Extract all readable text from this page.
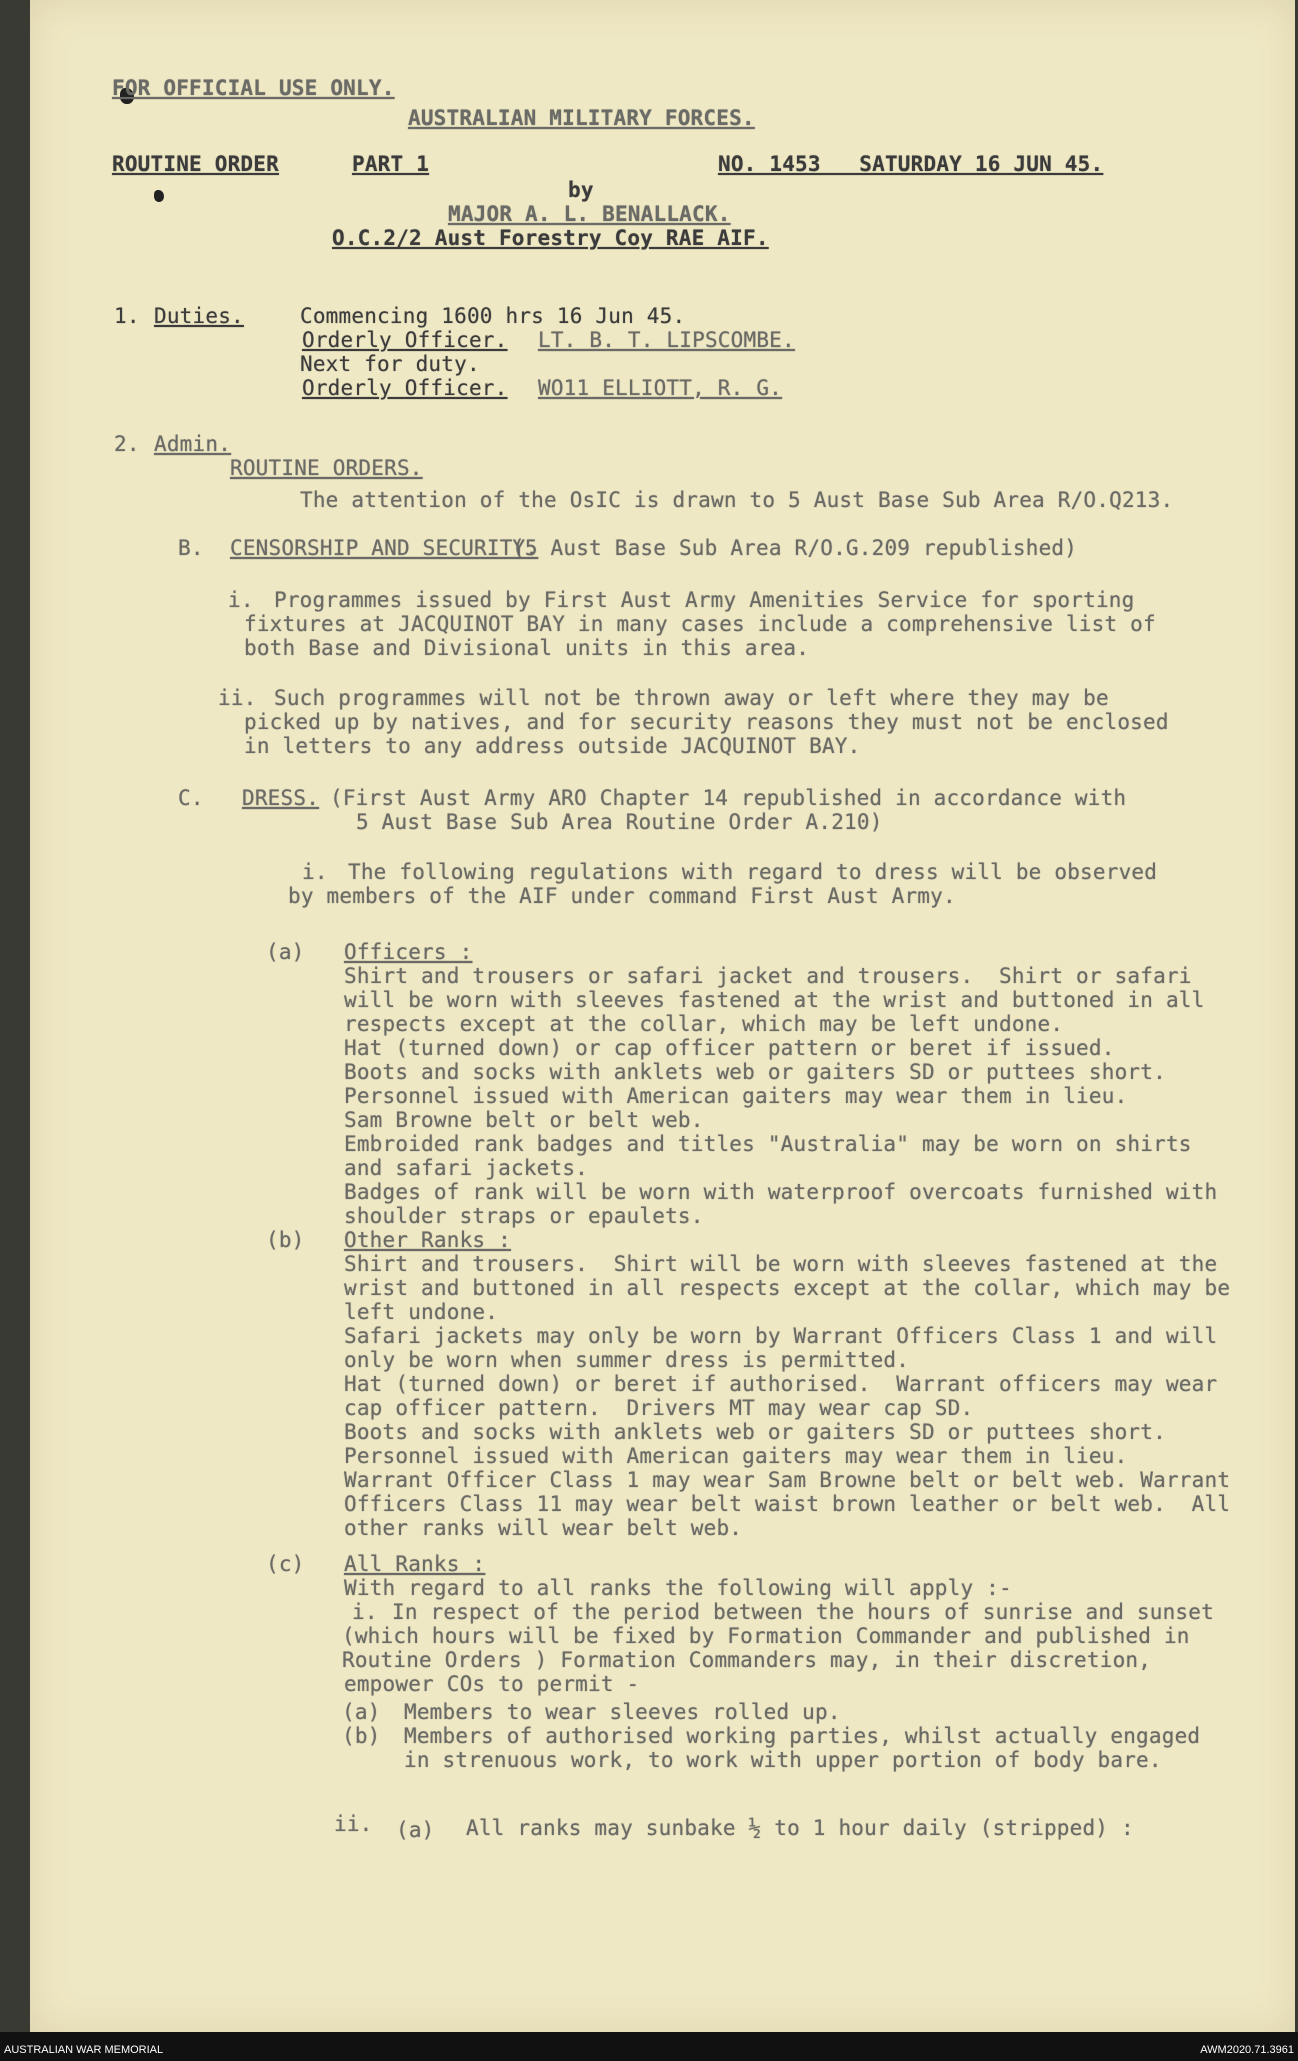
FOR OFFICIAL USE ONLY.
AUSTRALIAN MILITARY FORCES.
ROUTINE ORDER	PART 1	NO. 1453   SATURDAY 16 JUN 45.
by
MAJOR A. L. BENALLACK.
O.C.2/2 Aust Forestry Coy RAE AIF.
1. Duties.	Commencing 1600 hrs 16 Jun 45.
Orderly Officer. LT. B. T. LIPSCOMBE.
Next for duty.
Orderly Officer. WO11 ELLIOTT, R. G.
2. Admin.
ROUTINE ORDERS.
The attention of the OsIC is drawn to 5 Aust Base Sub Area R/O.Q213.
B. CENSORSHIP AND SECURITY.
(5 Aust Base Sub Area R/O.G.209 republished)
i. Programmes issued by First Aust Army Amenities Service for sporting
fixtures at JACQUINOT BAY in many cases include a comprehensive list of
both Base and Divisional units in this area.
ii. Such programmes will not be thrown away or left where they may be
picked up by natives, and for security reasons they must not be enclosed
in letters to any address outside JACQUINOT BAY.
C. DRESS. (First Aust Army ARO Chapter 14 republished in accordance with
5 Aust Base Sub Area Routine Order A.210)
i. The following regulations with regard to dress will be observed
by members of the AIF under command First Aust Army.
(a) Officers :
Shirt and trousers or safari jacket and trousers.  Shirt or safari
will be worn with sleeves fastened at the wrist and buttoned in all
respects except at the collar, which may be left undone.
Hat (turned down) or cap officer pattern or beret if issued.
Boots and socks with anklets web or gaiters SD or puttees short.
Personnel issued with American gaiters may wear them in lieu.
Sam Browne belt or belt web.
Embroided rank badges and titles "Australia" may be worn on shirts
and safari jackets.
Badges of rank will be worn with waterproof overcoats furnished with
shoulder straps or epaulets.
(b) Other Ranks :
Shirt and trousers.  Shirt will be worn with sleeves fastened at the
wrist and buttoned in all respects except at the collar, which may be
left undone.
Safari jackets may only be worn by Warrant Officers Class 1 and will
only be worn when summer dress is permitted.
Hat (turned down) or beret if authorised.  Warrant officers may wear
cap officer pattern.  Drivers MT may wear cap SD.
Boots and socks with anklets web or gaiters SD or puttees short.
Personnel issued with American gaiters may wear them in lieu.
Warrant Officer Class 1 may wear Sam Browne belt or belt web. Warrant
Officers Class 11 may wear belt waist brown leather or belt web.  All
other ranks will wear belt web.
(c) All Ranks :
With regard to all ranks the following will apply :-
i. In respect of the period between the hours of sunrise and sunset
(which hours will be fixed by Formation Commander and published in
Routine Orders ) Formation Commanders may, in their discretion,
empower COs to permit -
(a) Members to wear sleeves rolled up.
(b) Members of authorised working parties, whilst actually engaged
in strenuous work, to work with upper portion of body bare.
ii. (a) All ranks may sunbake ½ to 1 hour daily (stripped) :
AUSTRALIAN WAR MEMORIAL	AWM2020.71.3961
